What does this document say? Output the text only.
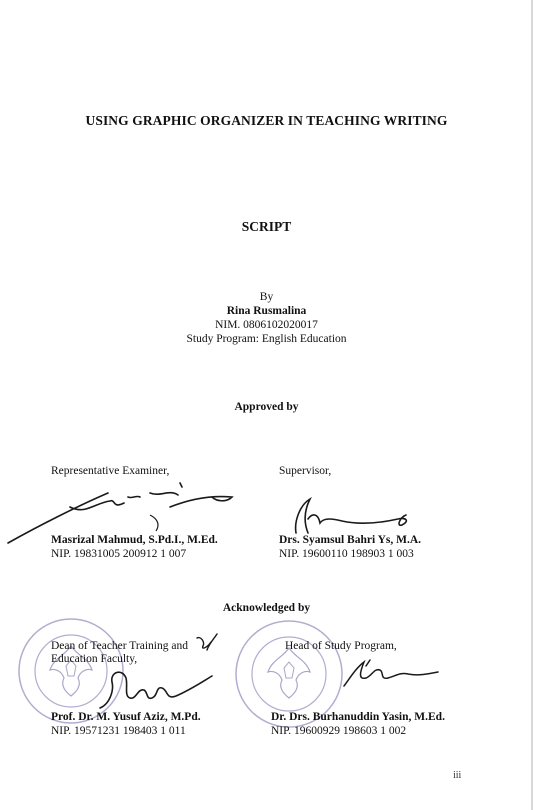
USING GRAPHIC ORGANIZER IN TEACHING WRITING
SCRIPT
By
Rina Rusmalina
NIM. 0806102020017
Study Program: English Education
Approved by
Representative Examiner,
Masrizal Mahmud, S.Pd.I., M.Ed.
NIP. 19831005 200912 1 007
Supervisor,
Drs. Syamsul Bahri Ys, M.A.
NIP. 19600110 198903 1 003
Acknowledged by
Dean of Teacher Training and
Education Faculty,
Prof. Dr. M. Yusuf Aziz, M.Pd.
NIP. 19571231 198403 1 011
Head of Study Program,
Dr. Drs. Burhanuddin Yasin, M.Ed.
NIP. 19600929 198603 1 002
iii
